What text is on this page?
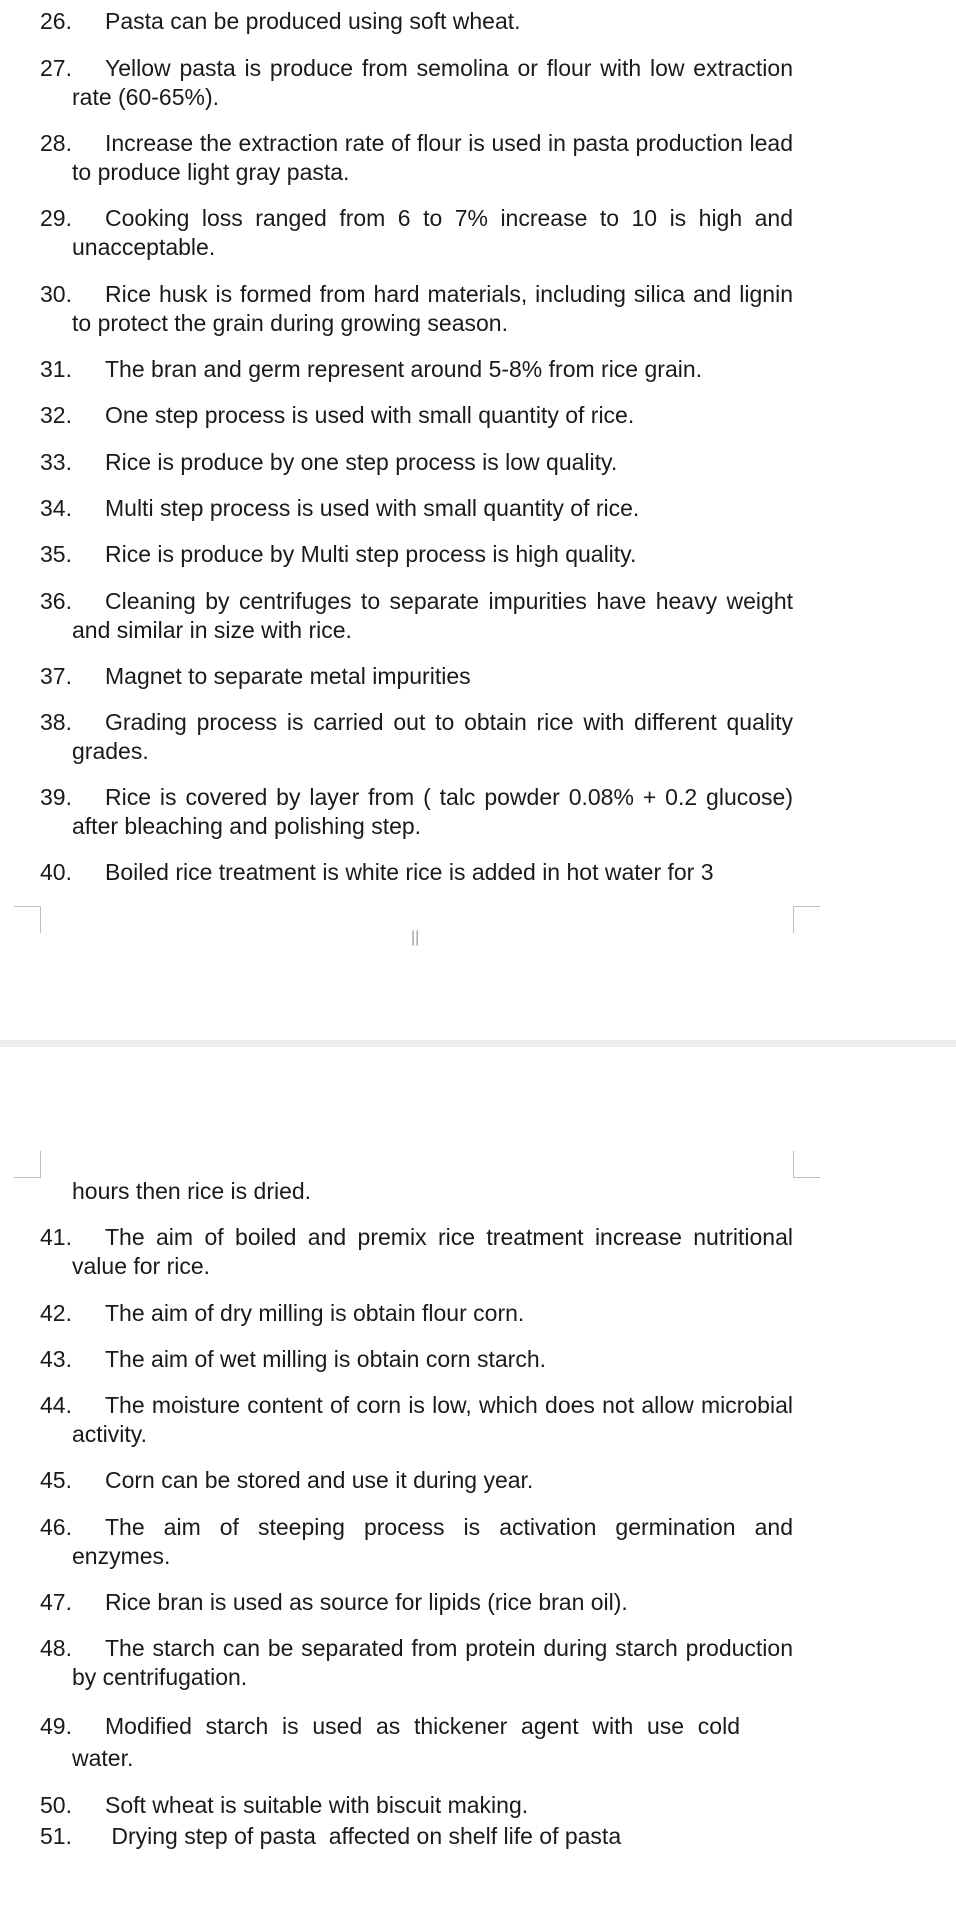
26. Pasta can be produced using soft wheat.
27. Yellow pasta is produce from semolina or flour with low extraction rate (60-65%).
28. Increase the extraction rate of flour is used in pasta production lead to produce light gray pasta.
29. Cooking loss ranged from 6 to 7% increase to 10 is high and unacceptable.
30. Rice husk is formed from hard materials, including silica and lignin to protect the grain during growing season.
31. The bran and germ represent around 5-8% from rice grain.
32. One step process is used with small quantity of rice.
33. Rice is produce by one step process is low quality.
34. Multi step process is used with small quantity of rice.
35. Rice is produce by Multi step process is high quality.
36. Cleaning by centrifuges to separate impurities have heavy weight and similar in size with rice.
37. Magnet to separate metal impurities
38. Grading process is carried out to obtain rice with different quality grades.
39. Rice is covered by layer from ( talc powder 0.08% + 0.2 glucose) after bleaching and polishing step.
40. Boiled rice treatment is white rice is added in hot water for 3
||
hours then rice is dried.
41. The aim of boiled and premix rice treatment increase nutritional value for rice.
42. The aim of dry milling is obtain flour corn.
43. The aim of wet milling is obtain corn starch.
44. The moisture content of corn is low, which does not allow microbial activity.
45. Corn can be stored and use it during year.
46. The aim of steeping process is activation germination and enzymes.
47. Rice bran is used as source for lipids (rice bran oil).
48. The starch can be separated from protein during starch production by centrifugation.
49. Modified starch is used as thickener agent with use cold water.
50. Soft wheat is suitable with biscuit making.
51. Drying step of pasta  affected on shelf life of pasta
